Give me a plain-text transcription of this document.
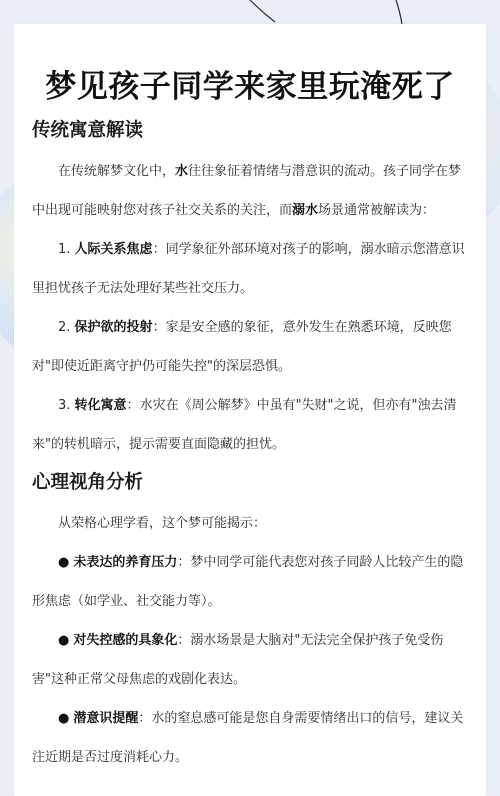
梦见孩子同学来家里玩淹死了
传统寓意解读

在传统解梦文化中，水往往象征着情绪与潜意识的流动。孩子同学在梦中出现可能映射您对孩子社交关系的关注，而溺水场景通常被解读为：

1. 人际关系焦虑：同学象征外部环境对孩子的影响，溺水暗示您潜意识里担忧孩子无法处理好某些社交压力。

2. 保护欲的投射：家是安全感的象征，意外发生在熟悉环境，反映您对"即使近距离守护仍可能失控"的深层恐惧。

3. 转化寓意：水灾在《周公解梦》中虽有"失财"之说，但亦有"浊去清来"的转机暗示，提示需要直面隐藏的担忧。

心理视角分析

从荣格心理学看，这个梦可能揭示：

● 未表达的养育压力：梦中同学可能代表您对孩子同龄人比较产生的隐形焦虑（如学业、社交能力等）。

● 对失控感的具象化：溺水场景是大脑对"无法完全保护孩子免受伤害"这种正常父母焦虑的戏剧化表达。

● 潜意识提醒：水的窒息感可能是您自身需要情绪出口的信号，建议关注近期是否过度消耗心力。
